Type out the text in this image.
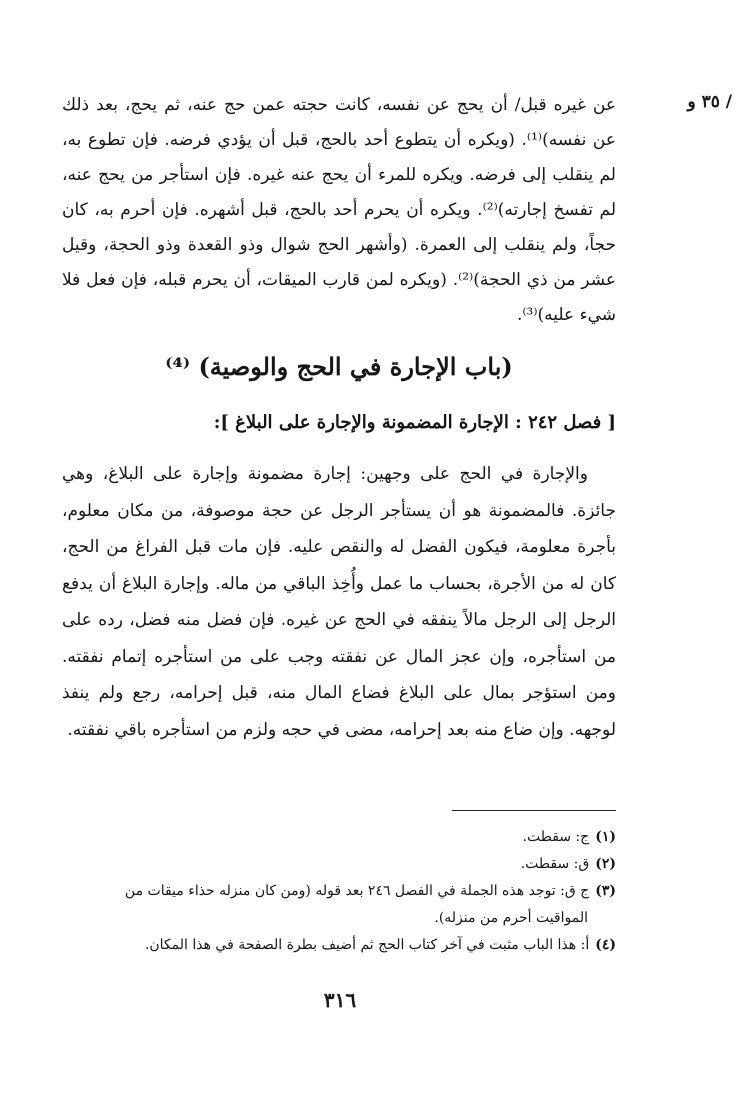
/ ٣٥ و

عن غيره قبل/ أن يحج عن نفسه، كانت حجته عمن حج عنه، ثم يحج، بعد ذلك عن نفسه)⁽¹⁾. (ويكره أن يتطوع أحد بالحج، قبل أن يؤدي فرضه. فإن تطوع به، لم ينقلب إلى فرضه. ويكره للمرء أن يحج عنه غيره. فإن استأجر من يحج عنه، لم تفسخ إجارته)⁽²⁾. ويكره أن يحرم أحد بالحج، قبل أشهره. فإن أحرم به، كان حجاً، ولم ينقلب إلى العمرة. (وأشهر الحج شوال وذو القعدة وذو الحجة، وقيل عشر من ذي الحجة)⁽²⁾. (ويكره لمن قارب الميقات، أن يحرم قبله، فإن فعل فلا شيء عليه)⁽³⁾.

(باب الإجارة في الحج والوصية) ⁽⁴⁾
[ فصل ٢٤٢ : الإجارة المضمونة والإجارة على البلاغ ]:

والإجارة في الحج على وجهين: إجارة مضمونة وإجارة على البلاغ، وهي جائزة. فالمضمونة هو أن يستأجر الرجل عن حجة موصوفة، من مكان معلوم، بأجرة معلومة، فيكون الفضل له والنقص عليه. فإن مات قبل الفراغ من الحج، كان له من الأجرة، بحساب ما عمل وأُخِذ الباقي من ماله. وإجارة البلاغ أن يدفع الرجل إلى الرجل مالاً ينفقه في الحج عن غيره. فإن فضل منه فضل، رده على من استأجره، وإن عجز المال عن نفقته وجب على من استأجره إتمام نفقته. ومن استؤجر بمال على البلاغ فضاع المال منه، قبل إحرامه، رجع ولم ينفذ لوجهه. وإن ضاع منه بعد إحرامه، مضى في حجه ولزم من استأجره باقي نفقته.

(١)ج: سقطت.
(٢)ق: سقطت.
(٣)ج ق: توجد هذه الجملة في الفصل ٢٤٦ بعد قوله (ومن كان منزله حذاء ميقات من
المواقيت أحرم من منزله).
(٤)أ: هذا الباب مثبت في آخر كتاب الحج ثم أضيف بطرة الصفحة في هذا المكان.
٣١٦
